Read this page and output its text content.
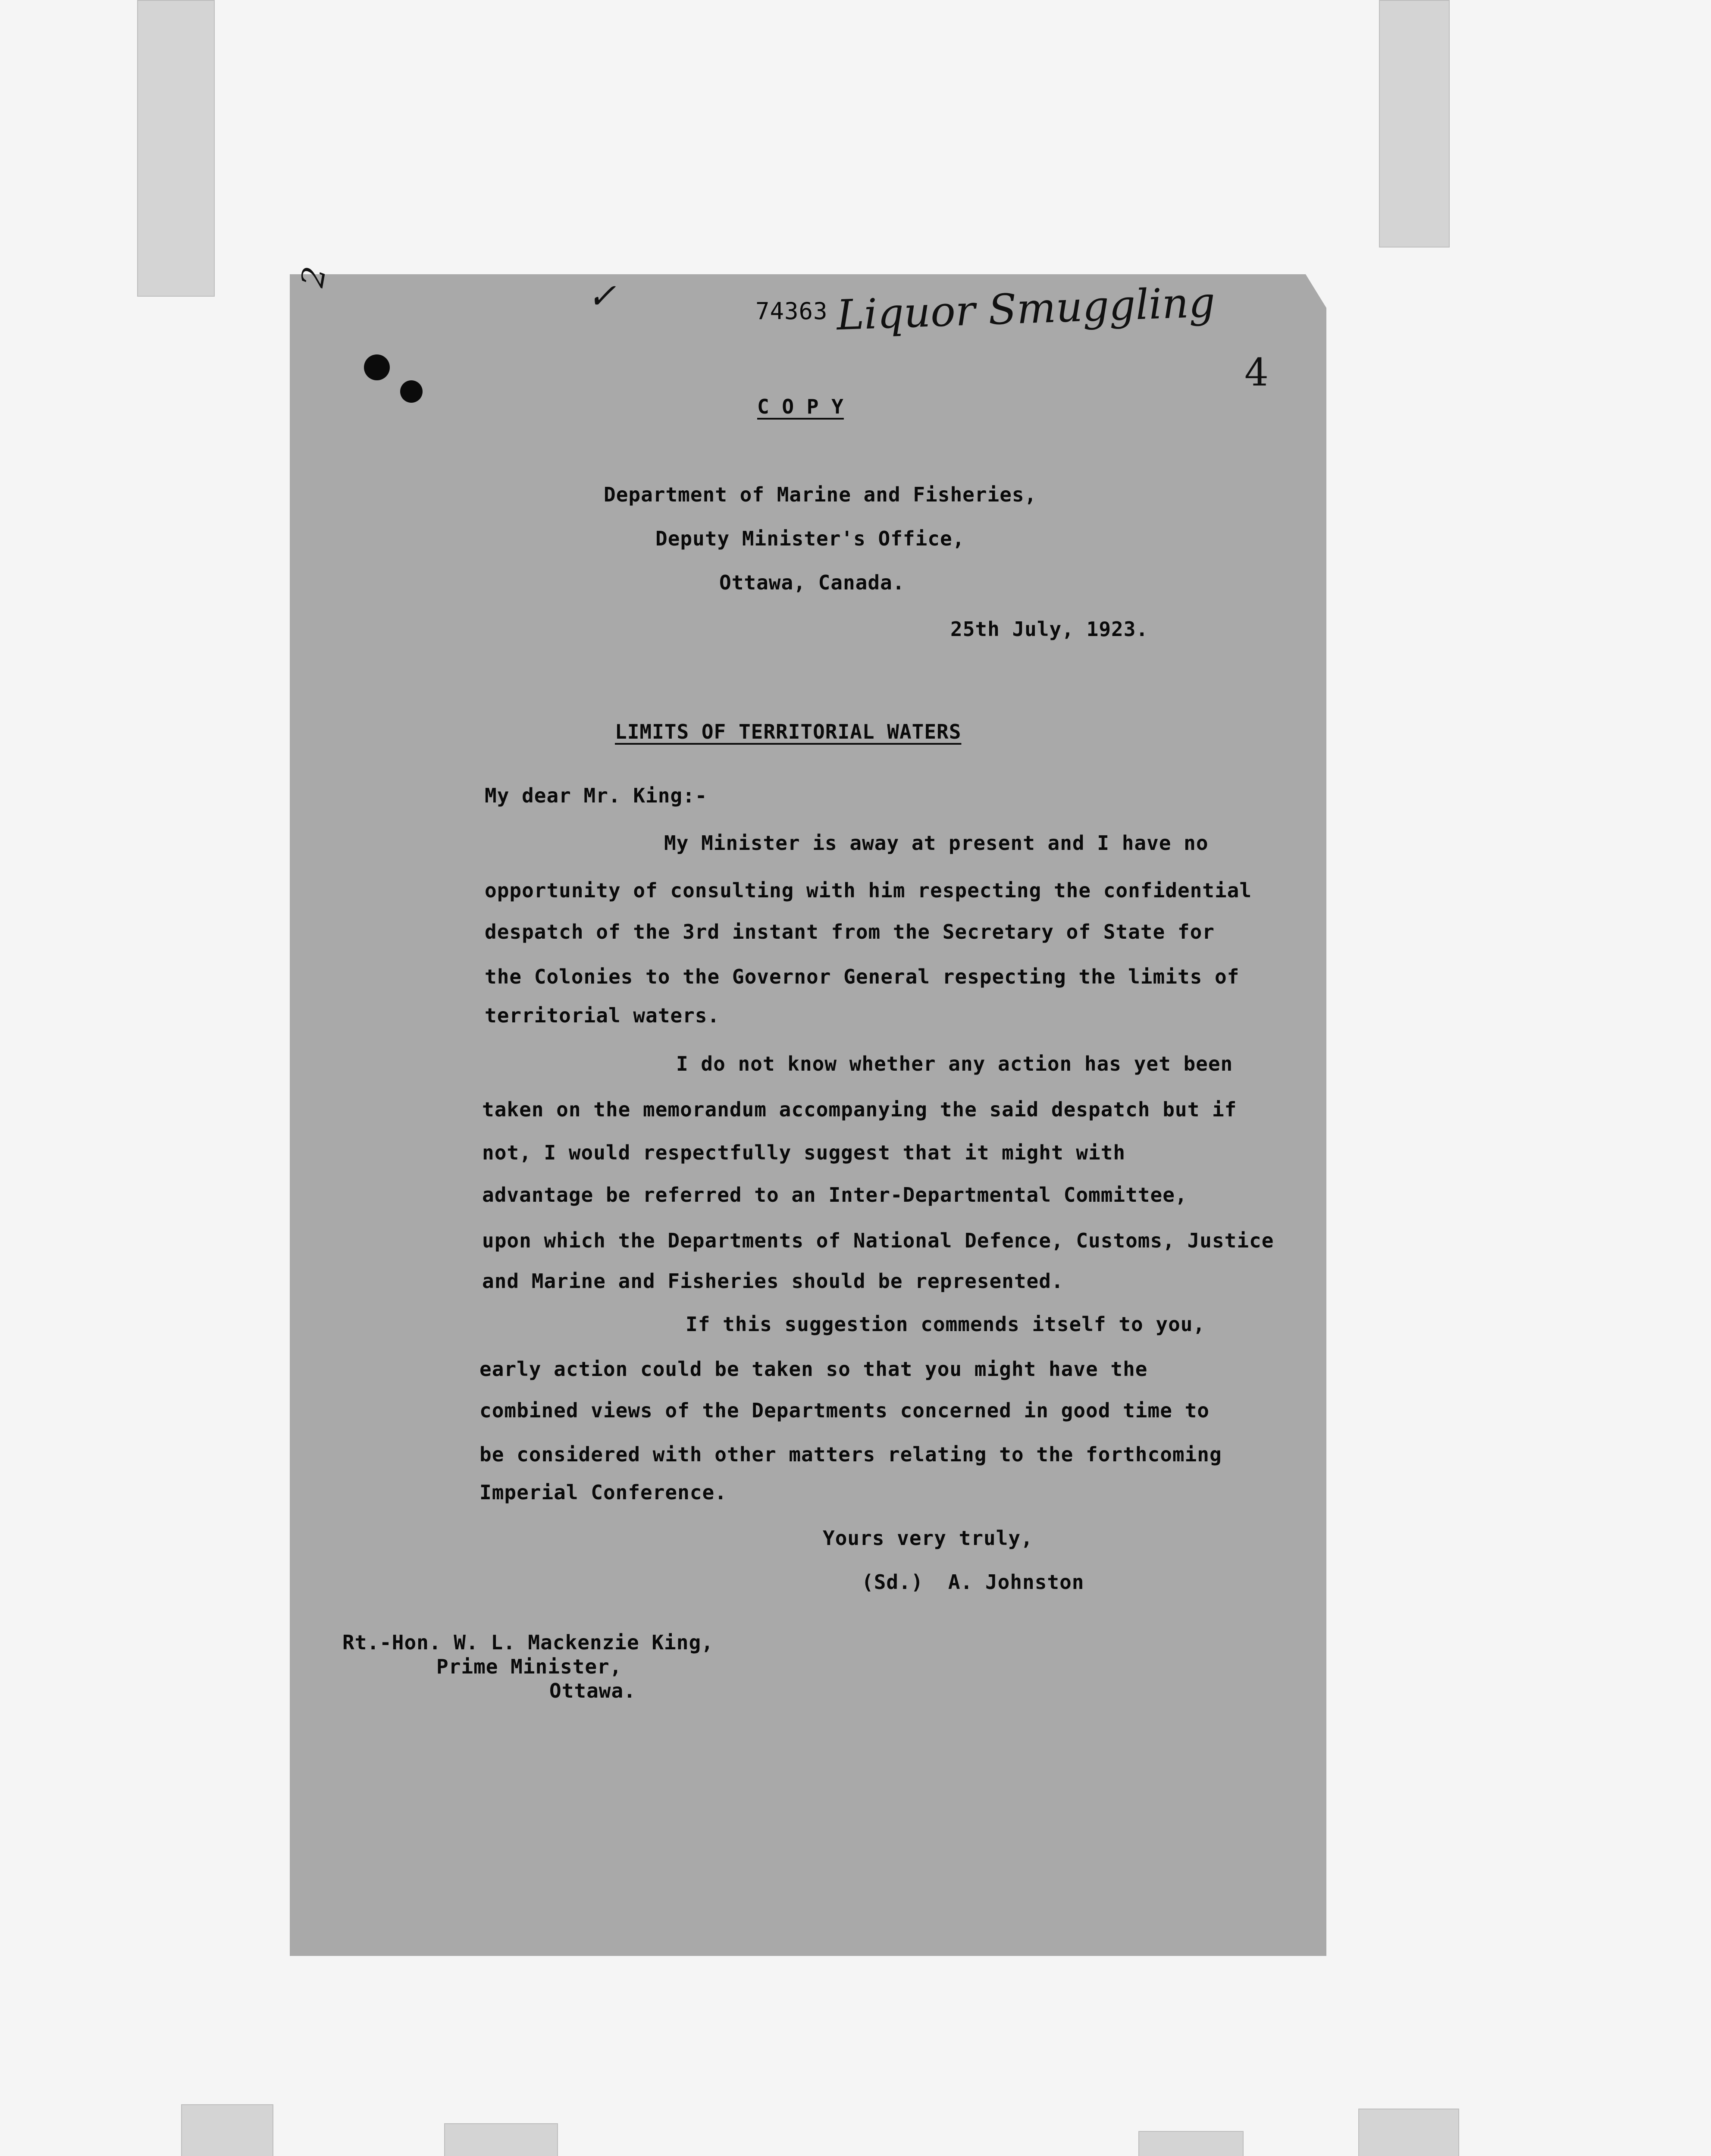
2	✓	74363 Liquor Smuggling
4
C O P Y
Department of Marine and Fisheries,
Deputy Minister's Office,
Ottawa, Canada.
25th July, 1923.
LIMITS OF TERRITORIAL WATERS
My dear Mr. King:-
My Minister is away at present and I have no
opportunity of consulting with him respecting the confidential
despatch of the 3rd instant from the Secretary of State for
the Colonies to the Governor General respecting the limits of
territorial waters.
I do not know whether any action has yet been
taken on the memorandum accompanying the said despatch but if
not, I would respectfully suggest that it might with
advantage be referred to an Inter-Departmental Committee,
upon which the Departments of National Defence, Customs, Justice
and Marine and Fisheries should be represented.
If this suggestion commends itself to you,
early action could be taken so that you might have the
combined views of the Departments concerned in good time to
be considered with other matters relating to the forthcoming
Imperial Conference.
Yours very truly,
(Sd.)  A. Johnston
Rt.-Hon. W. L. Mackenzie King,
Prime Minister,
Ottawa.
